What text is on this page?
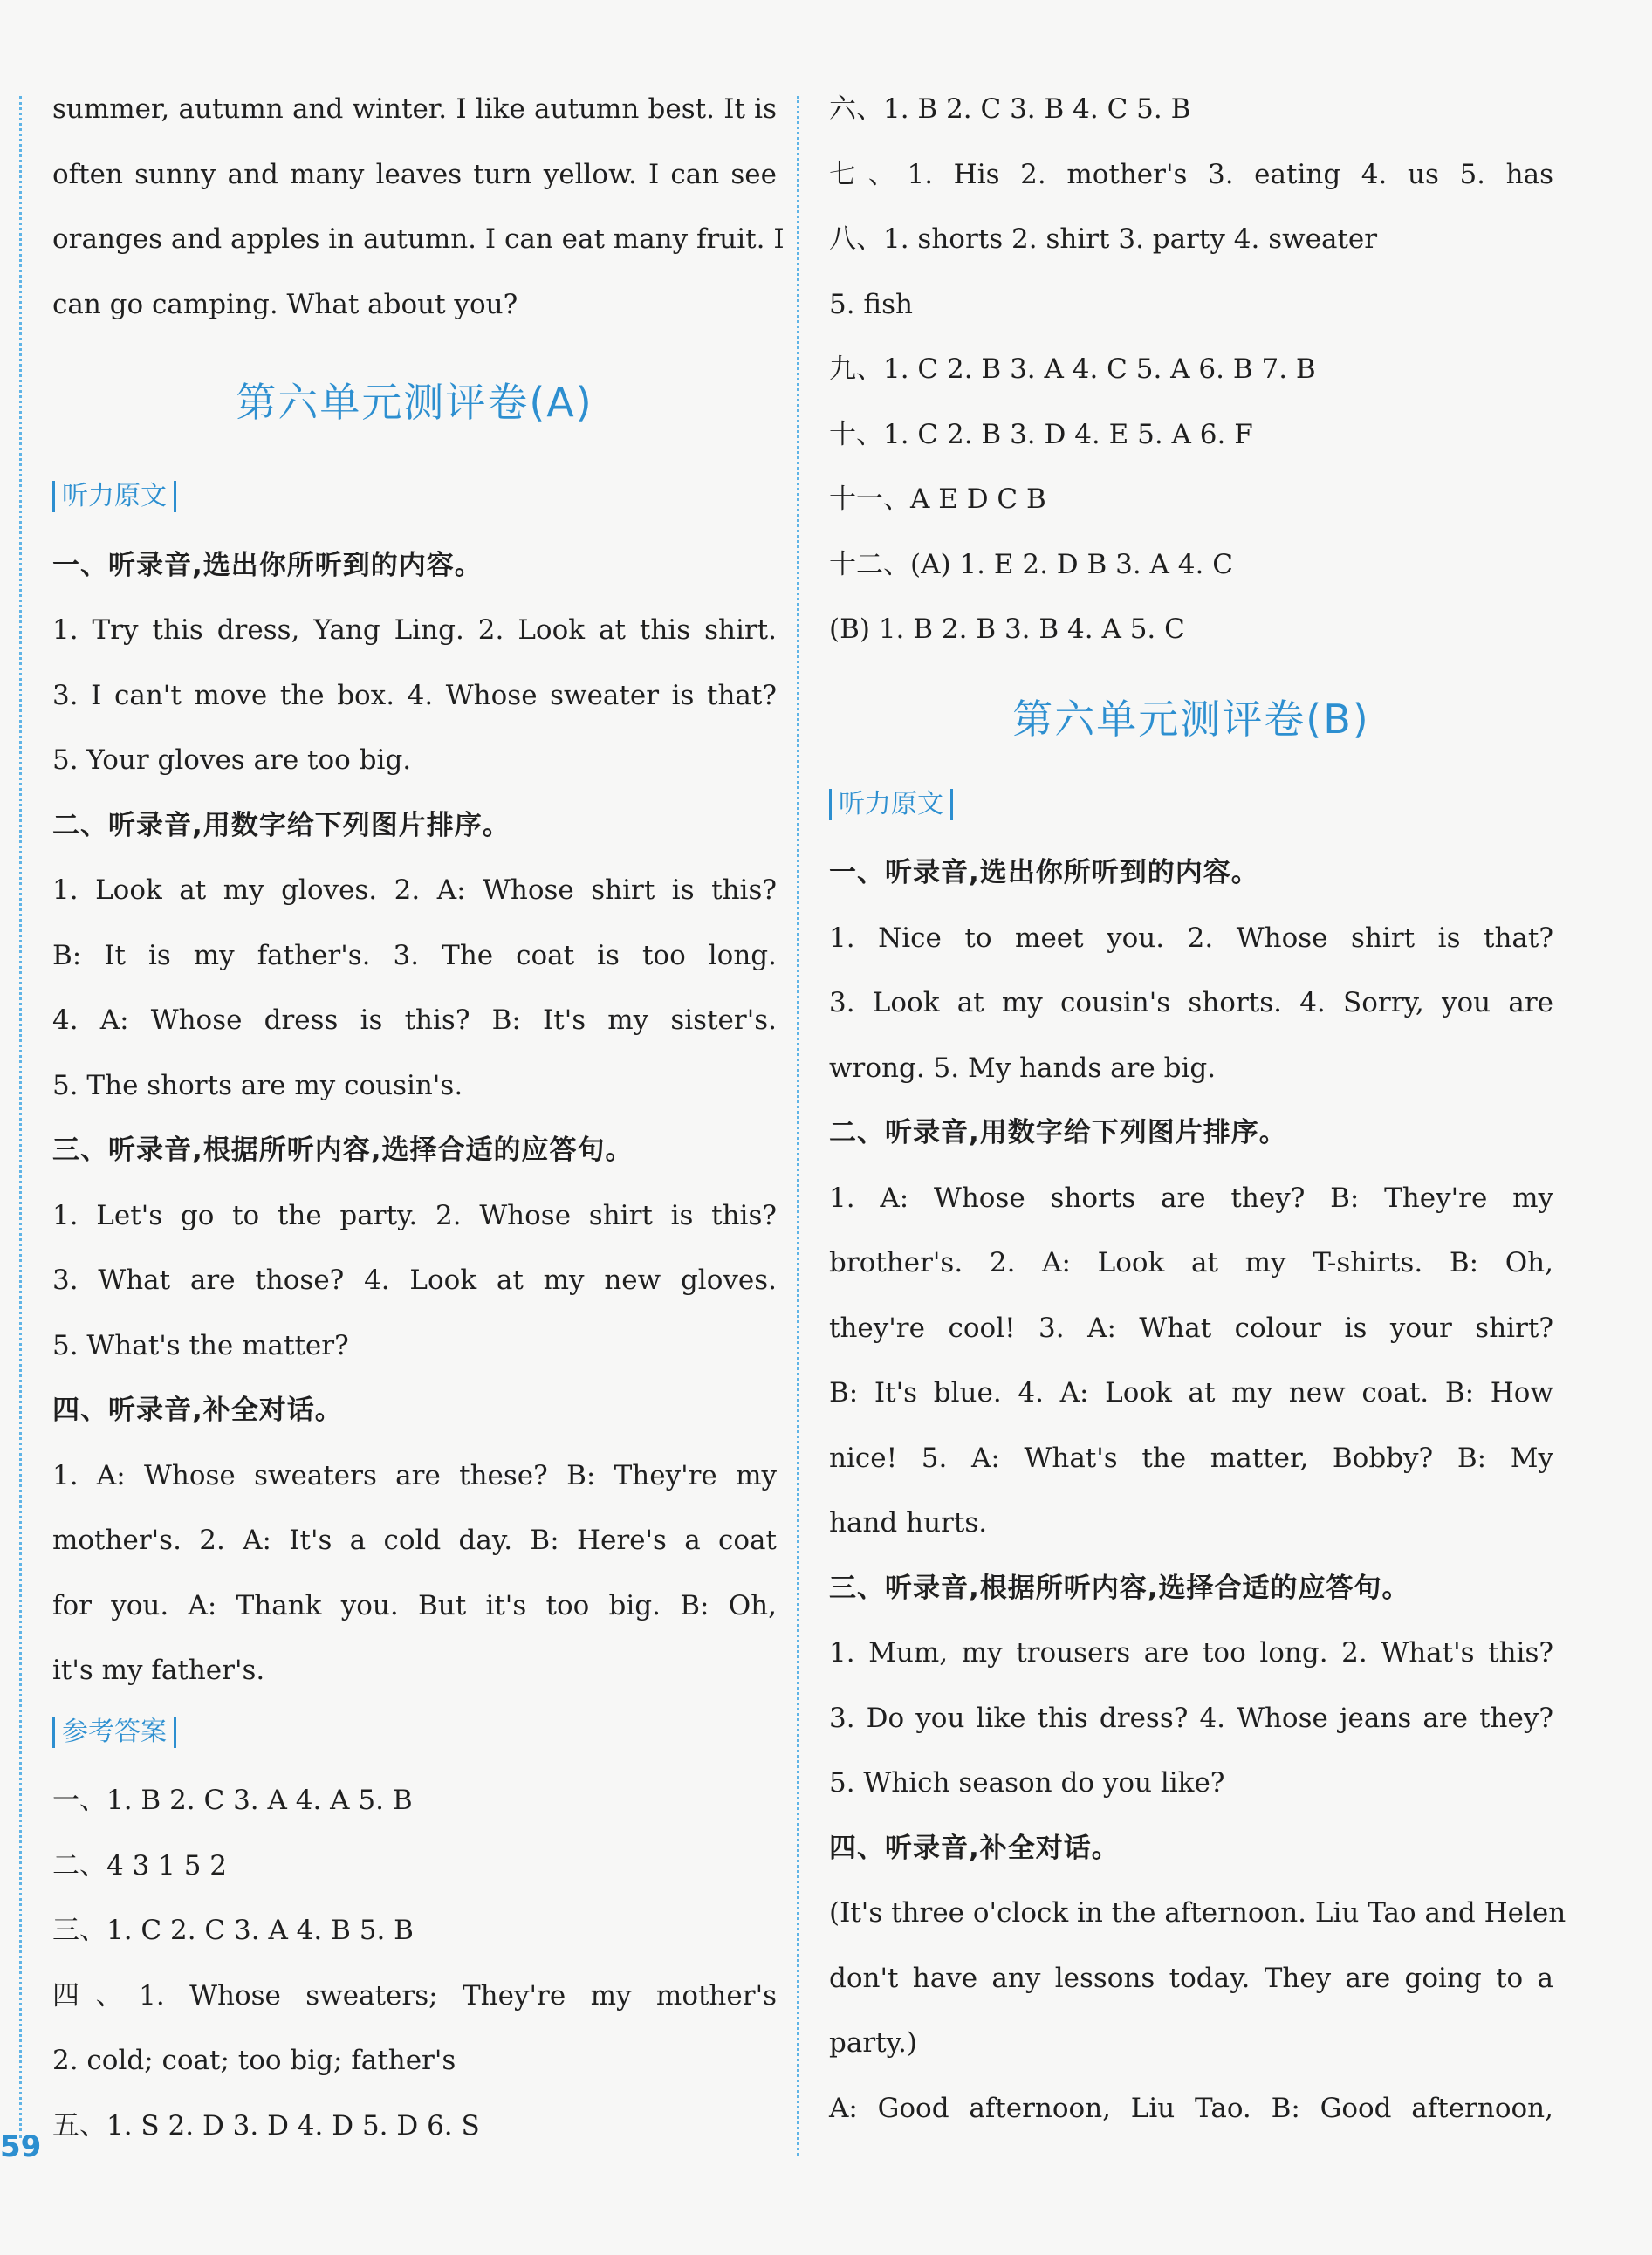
summer, autumn and winter. I like autumn best. It is
often sunny and many leaves turn yellow. I can see
oranges and apples in autumn. I can eat many fruit. I
can go camping. What about you?
第六单元测评卷(A)
听力原文
一、听录音,选出你所听到的内容。
1. Try this dress, Yang Ling. 2. Look at this shirt.
3. I can't move the box. 4. Whose sweater is that?
5. Your gloves are too big.
二、听录音,用数字给下列图片排序。
1. Look at my gloves. 2. A: Whose shirt is this?
B: It is my father's. 3. The coat is too long.
4. A: Whose dress is this? B: It's my sister's.
5. The shorts are my cousin's.
三、听录音,根据所听内容,选择合适的应答句。
1. Let's go to the party. 2. Whose shirt is this?
3. What are those? 4. Look at my new gloves.
5. What's the matter?
四、听录音,补全对话。
1. A: Whose sweaters are these? B: They're my
mother's. 2. A: It's a cold day. B: Here's a coat
for you. A: Thank you. But it's too big. B: Oh,
it's my father's.
参考答案
一、1. B 2. C 3. A 4. A 5. B
二、4 3 1 5 2
三、1. C 2. C 3. A 4. B 5. B
四、1. Whose sweaters; They're my mother's
2. cold; coat; too big; father's
五、1. S 2. D 3. D 4. D 5. D 6. S
六、1. B 2. C 3. B 4. C 5. B
七、1. His 2. mother's 3. eating 4. us 5. has
八、1. shorts 2. shirt 3. party 4. sweater
5. fish
九、1. C 2. B 3. A 4. C 5. A 6. B 7. B
十、1. C 2. B 3. D 4. E 5. A 6. F
十一、A E D C B
十二、(A) 1. E 2. D B 3. A 4. C
(B) 1. B 2. B 3. B 4. A 5. C
第六单元测评卷(B)
听力原文
一、听录音,选出你所听到的内容。
1. Nice to meet you. 2. Whose shirt is that?
3. Look at my cousin's shorts. 4. Sorry, you are
wrong. 5. My hands are big.
二、听录音,用数字给下列图片排序。
1. A: Whose shorts are they? B: They're my
brother's. 2. A: Look at my T-shirts. B: Oh,
they're cool! 3. A: What colour is your shirt?
B: It's blue. 4. A: Look at my new coat. B: How
nice! 5. A: What's the matter, Bobby? B: My
hand hurts.
三、听录音,根据所听内容,选择合适的应答句。
1. Mum, my trousers are too long. 2. What's this?
3. Do you like this dress? 4. Whose jeans are they?
5. Which season do you like?
四、听录音,补全对话。
(It's three o'clock in the afternoon. Liu Tao and Helen
don't have any lessons today. They are going to a
party.)
A: Good afternoon, Liu Tao. B: Good afternoon,
59
